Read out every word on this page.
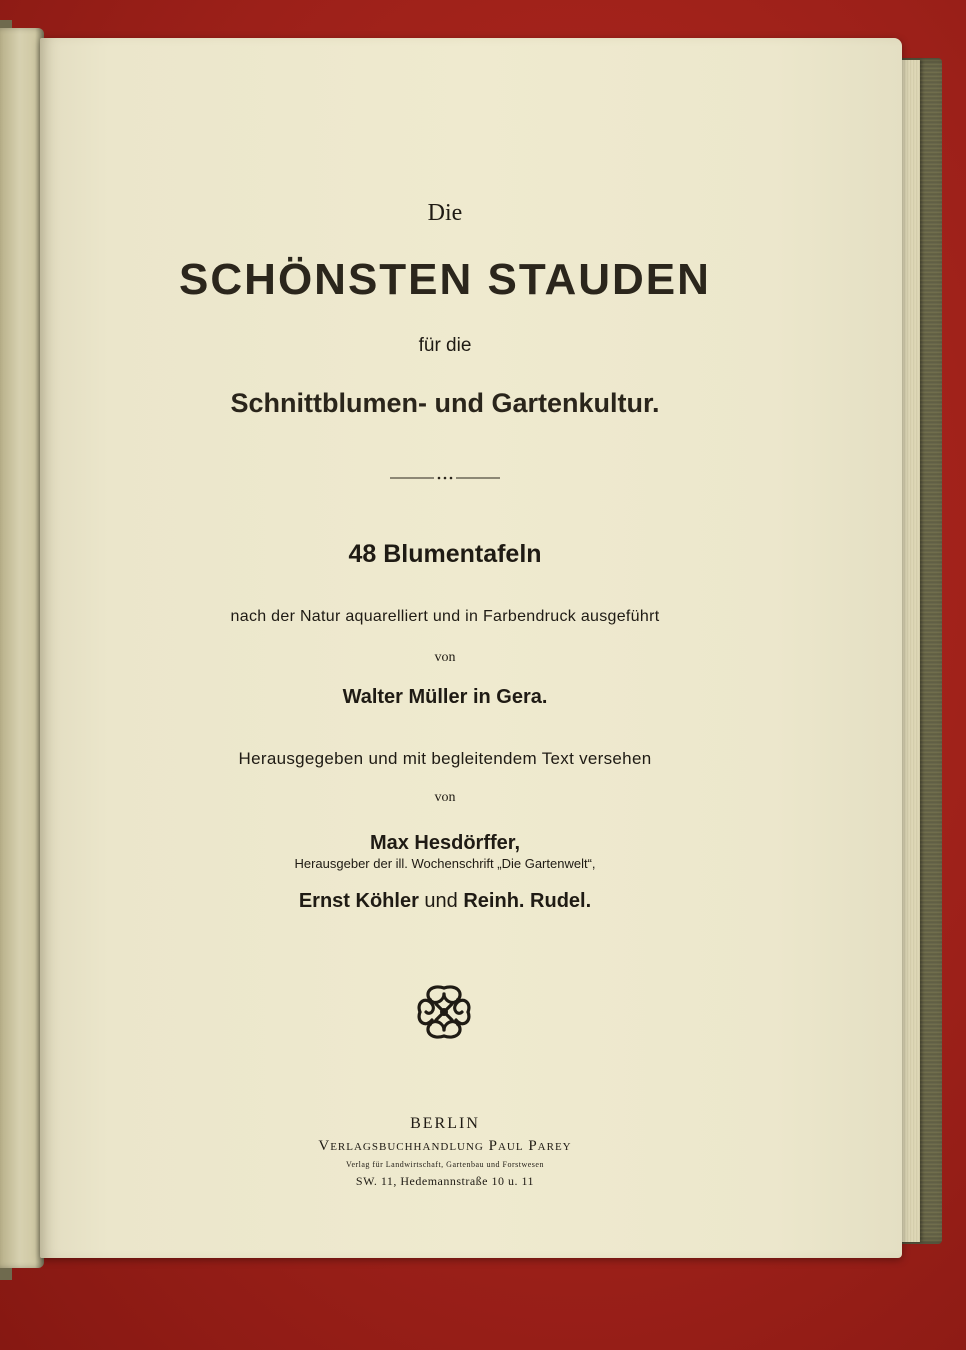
Die
SCHÖNSTEN STAUDEN
für die
Schnittblumen- und Gartenkultur.
48 Blumentafeln
nach der Natur aquarelliert und in Farbendruck ausgeführt
von
Walter Müller in Gera.
Herausgegeben und mit begleitendem Text versehen
von
Max Hesdörffer,
Herausgeber der ill. Wochenschrift „Die Gartenwelt“,
Ernst Köhler und Reinh. Rudel.
BERLIN
Verlagsbuchhandlung Paul Parey
Verlag für Landwirtschaft, Gartenbau und Forstwesen
SW. 11, Hedemannstraße 10 u. 11
